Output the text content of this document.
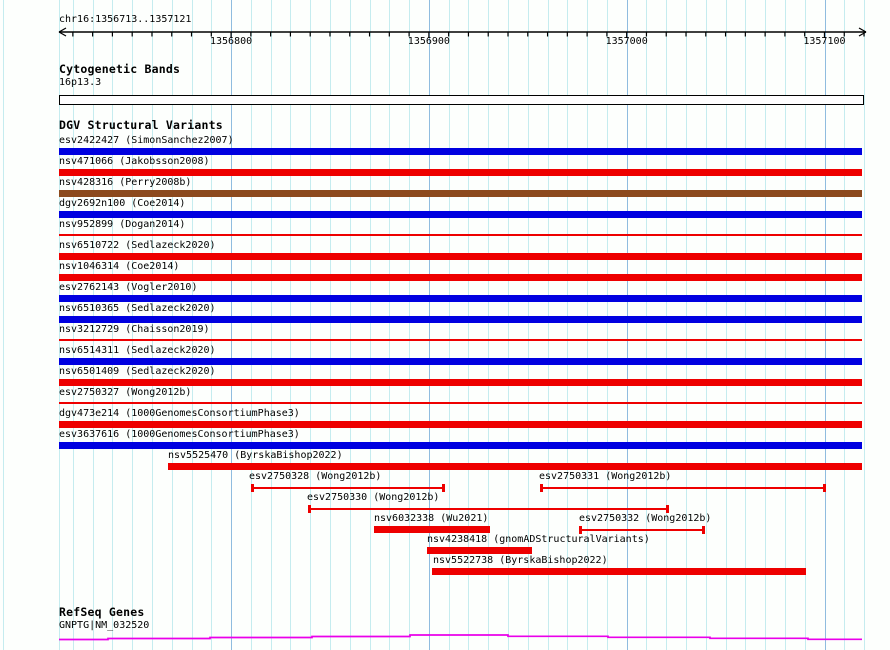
chr16:1356713..1357121
1356800	1356900	1357000	1357100
Cytogenetic Bands
16p13.3
DGV Structural Variants
esv2422427 (SimonSanchez2007)
nsv471066 (Jakobsson2008)
nsv428316 (Perry2008b)
dgv2692n100 (Coe2014)
nsv952899 (Dogan2014)
nsv6510722 (Sedlazeck2020)
nsv1046314 (Coe2014)
esv2762143 (Vogler2010)
nsv6510365 (Sedlazeck2020)
nsv3212729 (Chaisson2019)
nsv6514311 (Sedlazeck2020)
nsv6501409 (Sedlazeck2020)
esv2750327 (Wong2012b)
dgv473e214 (1000GenomesConsortiumPhase3)
esv3637616 (1000GenomesConsortiumPhase3)
nsv5525470 (ByrskaBishop2022)
esv2750328 (Wong2012b)	esv2750331 (Wong2012b)
esv2750330 (Wong2012b)
nsv6032338 (Wu2021)	esv2750332 (Wong2012b)
nsv4238418 (gnomADStructuralVariants)
nsv5522738 (ByrskaBishop2022)
RefSeq Genes
GNPTG|NM_032520
